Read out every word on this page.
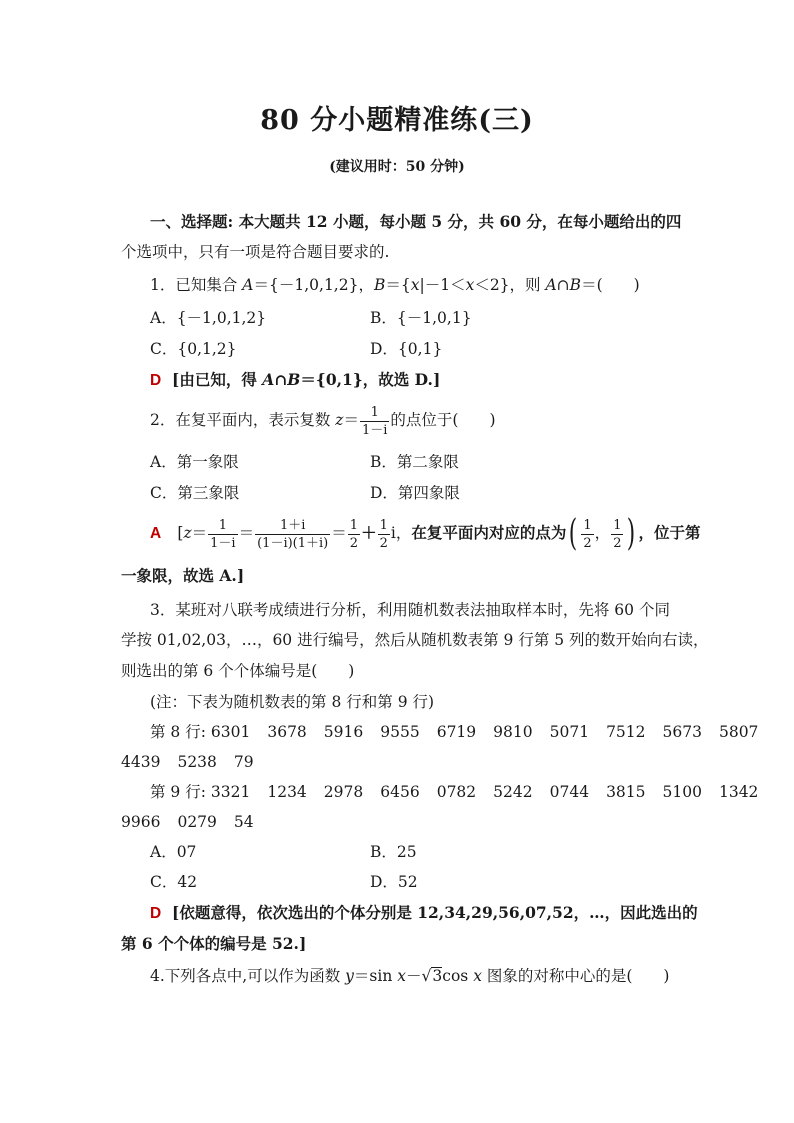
80 分小题精准练(三)
(建议用时：50 分钟)
一、选择题: 本大题共 12 小题，每小题 5 分，共 60 分，在每小题给出的四
个选项中，只有一项是符合题目要求的.
1．已知集合 A＝{－1,0,1,2}，B＝{x|－1＜x＜2}，则 A∩B＝(　　)
A．{－1,0,1,2}	B．{－1,0,1}
C．{0,1,2}	D．{0,1}
D [由已知，得 A∩B＝{0,1}，故选 D.]
2．在复平面内，表示复数 $z= \frac{1}{1-i}$ 的点位于(　　)
A．第一象限	B．第二象限
C．第三象限	D．第四象限
A [$z= \frac{1}{1-i} = \frac{1+i}{(1-i)(1+i)} = \frac{1}{2} + \frac{1}{2}$ i，在复平面内对应的点为( $\frac{1}{2}$ ， $\frac{1}{2}$ ) ，位于第
一象限，故选 A.]
3．某班对八联考成绩进行分析，利用随机数表法抽取样本时，先将 60 个同
学按 01,02,03，…，60 进行编号，然后从随机数表第 9 行第 5 列的数开始向右读，
则选出的第 6 个个体编号是(　　)
(注：下表为随机数表的第 8 行和第 9 行)
第 8 行: 6301 3678 5916 9555 6719 9810 5071 7512 5673 5807
4439 5238 79
第 9 行: 3321 1234 2978 6456 0782 5242 0744 3815 5100 1342
9966 0279 54
A．07	B．25
C．42	D．52
D [依题意得，依次选出的个体分别是 12,34,29,56,07,52，…，因此选出的
第 6 个个体的编号是 52.]
4.下列各点中,可以作为函数 y＝sin x－√3cos x 图象的对称中心的是(　　)
